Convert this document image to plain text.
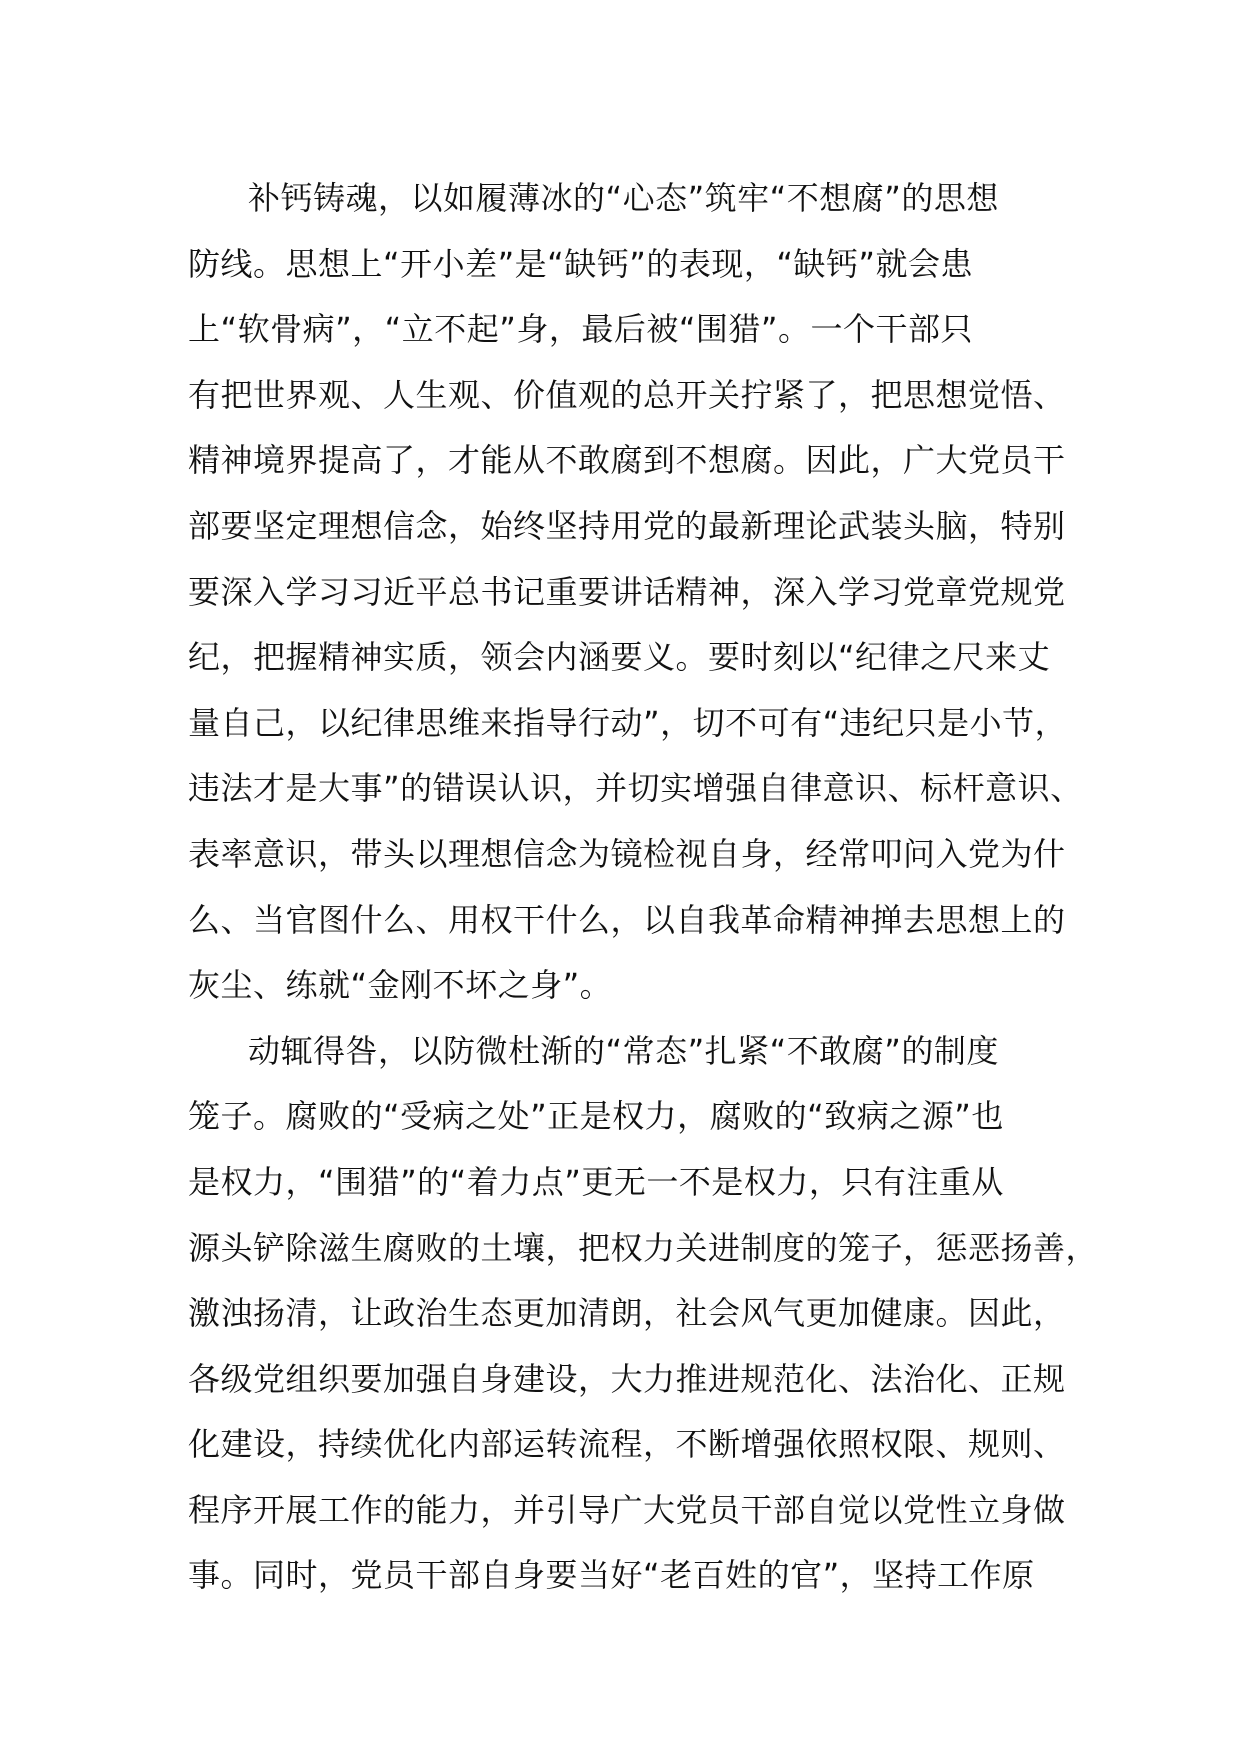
补钙铸魂，以如履薄冰的“心态”筑牢“不想腐”的思想
防线。思想上“开小差”是“缺钙”的表现，“缺钙”就会患
上“软骨病”，“立不起”身，最后被“围猎”。一个干部只
有把世界观、人生观、价值观的总开关拧紧了，把思想觉悟、
精神境界提高了，才能从不敢腐到不想腐。因此，广大党员干
部要坚定理想信念，始终坚持用党的最新理论武装头脑，特别
要深入学习习近平总书记重要讲话精神，深入学习党章党规党
纪，把握精神实质，领会内涵要义。要时刻以“纪律之尺来丈
量自己，以纪律思维来指导行动”，切不可有“违纪只是小节，
违法才是大事”的错误认识，并切实增强自律意识、标杆意识、
表率意识，带头以理想信念为镜检视自身，经常叩问入党为什
么、当官图什么、用权干什么，以自我革命精神掸去思想上的
灰尘、练就“金刚不坏之身”。
动辄得咎，以防微杜渐的“常态”扎紧“不敢腐”的制度
笼子。腐败的“受病之处”正是权力，腐败的“致病之源”也
是权力，“围猎”的“着力点”更无一不是权力，只有注重从
源头铲除滋生腐败的土壤，把权力关进制度的笼子，惩恶扬善，
激浊扬清，让政治生态更加清朗，社会风气更加健康。因此，
各级党组织要加强自身建设，大力推进规范化、法治化、正规
化建设，持续优化内部运转流程，不断增强依照权限、规则、
程序开展工作的能力，并引导广大党员干部自觉以党性立身做
事。同时，党员干部自身要当好“老百姓的官”，坚持工作原
